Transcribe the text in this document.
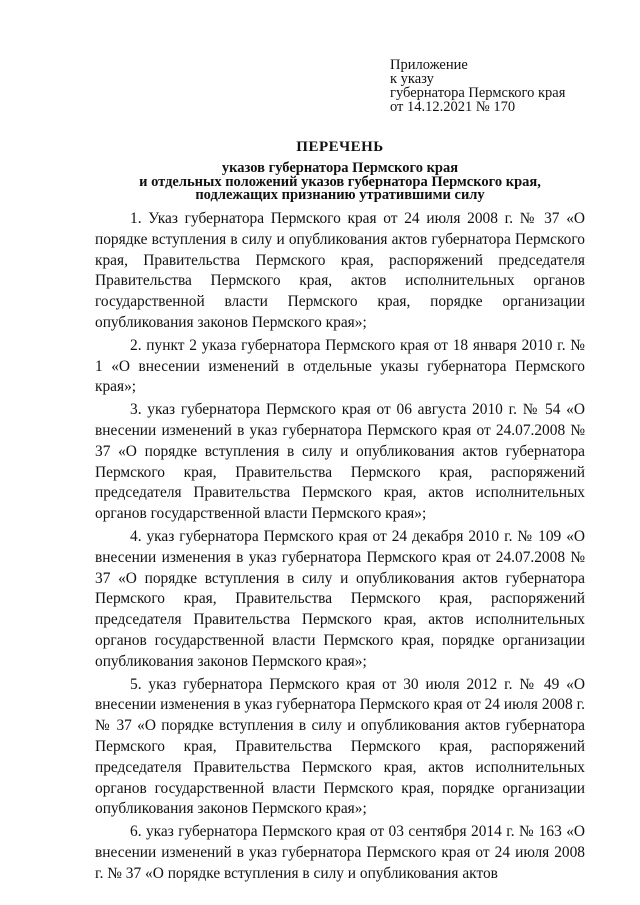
Приложение
к указу
губернатора Пермского края
от 14.12.2021 № 170
ПЕРЕЧЕНЬ
указов губернатора Пермского края
и отдельных положений указов губернатора Пермского края,
подлежащих признанию утратившими силу

1. Указ губернатора Пермского края от 24 июля 2008 г. № 37 «О порядке вступления в силу и опубликования актов губернатора Пермского края, Правительства Пермского края, распоряжений председателя Правительства Пермского края, актов исполнительных органов государственной власти Пермского края, порядке организации опубликования законов Пермского края»;

2. пункт 2 указа губернатора Пермского края от 18 января 2010 г. № 1 «О внесении изменений в отдельные указы губернатора Пермского края»;

3. указ губернатора Пермского края от 06 августа 2010 г. № 54 «О внесении изменений в указ губернатора Пермского края от 24.07.2008 № 37 «О порядке вступления в силу и опубликования актов губернатора Пермского края, Правительства Пермского края, распоряжений председателя Правительства Пермского края, актов исполнительных органов государственной власти Пермского края»;

4. указ губернатора Пермского края от 24 декабря 2010 г. № 109 «О внесении изменения в указ губернатора Пермского края от 24.07.2008 № 37 «О порядке вступления в силу и опубликования актов губернатора Пермского края, Правительства Пермского края, распоряжений председателя Правительства Пермского края, актов исполнительных органов государственной власти Пермского края, порядке организации опубликования законов Пермского края»;

5. указ губернатора Пермского края от 30 июля 2012 г. № 49 «О внесении изменения в указ губернатора Пермского края от 24 июля 2008 г. № 37 «О порядке вступления в силу и опубликования актов губернатора Пермского края, Правительства Пермского края, распоряжений председателя Правительства Пермского края, актов исполнительных органов государственной власти Пермского края, порядке организации опубликования законов Пермского края»;

6. указ губернатора Пермского края от 03 сентября 2014 г. № 163 «О внесении изменений в указ губернатора Пермского края от 24 июля 2008 г. № 37 «О порядке вступления в силу и опубликования актов
